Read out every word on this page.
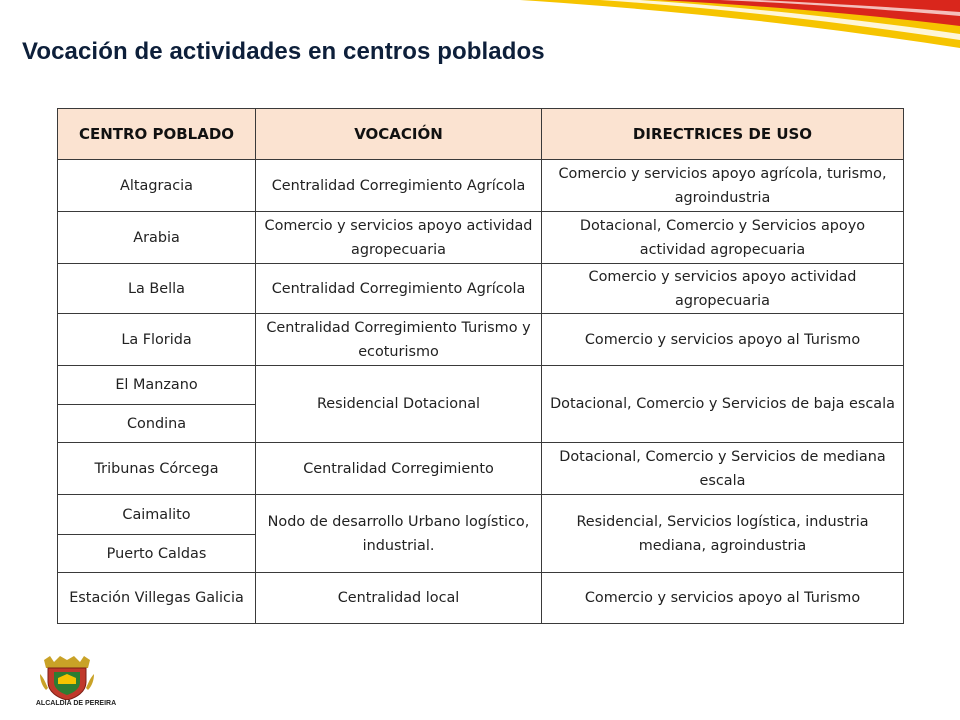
Vocación de actividades en centros poblados
CENTRO POBLADO	VOCACIÓN	DIRECTRICES DE USO
Altagracia	Centralidad Corregimiento Agrícola	Comercio y servicios apoyo agrícola, turismo, agroindustria
Arabia	Comercio y servicios apoyo actividad agropecuaria	Dotacional, Comercio y Servicios apoyo actividad agropecuaria
La Bella	Centralidad Corregimiento Agrícola	Comercio y servicios apoyo actividad agropecuaria
La Florida	Centralidad Corregimiento Turismo y ecoturismo	Comercio y servicios apoyo al Turismo
El Manzano	Residencial Dotacional	Dotacional, Comercio y Servicios de baja escala
Condina		
Tribunas Córcega	Centralidad Corregimiento	Dotacional, Comercio y Servicios de mediana escala
Caimalito	Nodo de desarrollo Urbano logístico, industrial.	Residencial, Servicios logística, industria mediana, agroindustria
Puerto Caldas		
Estación Villegas Galicia	Centralidad local	Comercio y servicios apoyo al Turismo
ALCALDIA DE PEREIRA
